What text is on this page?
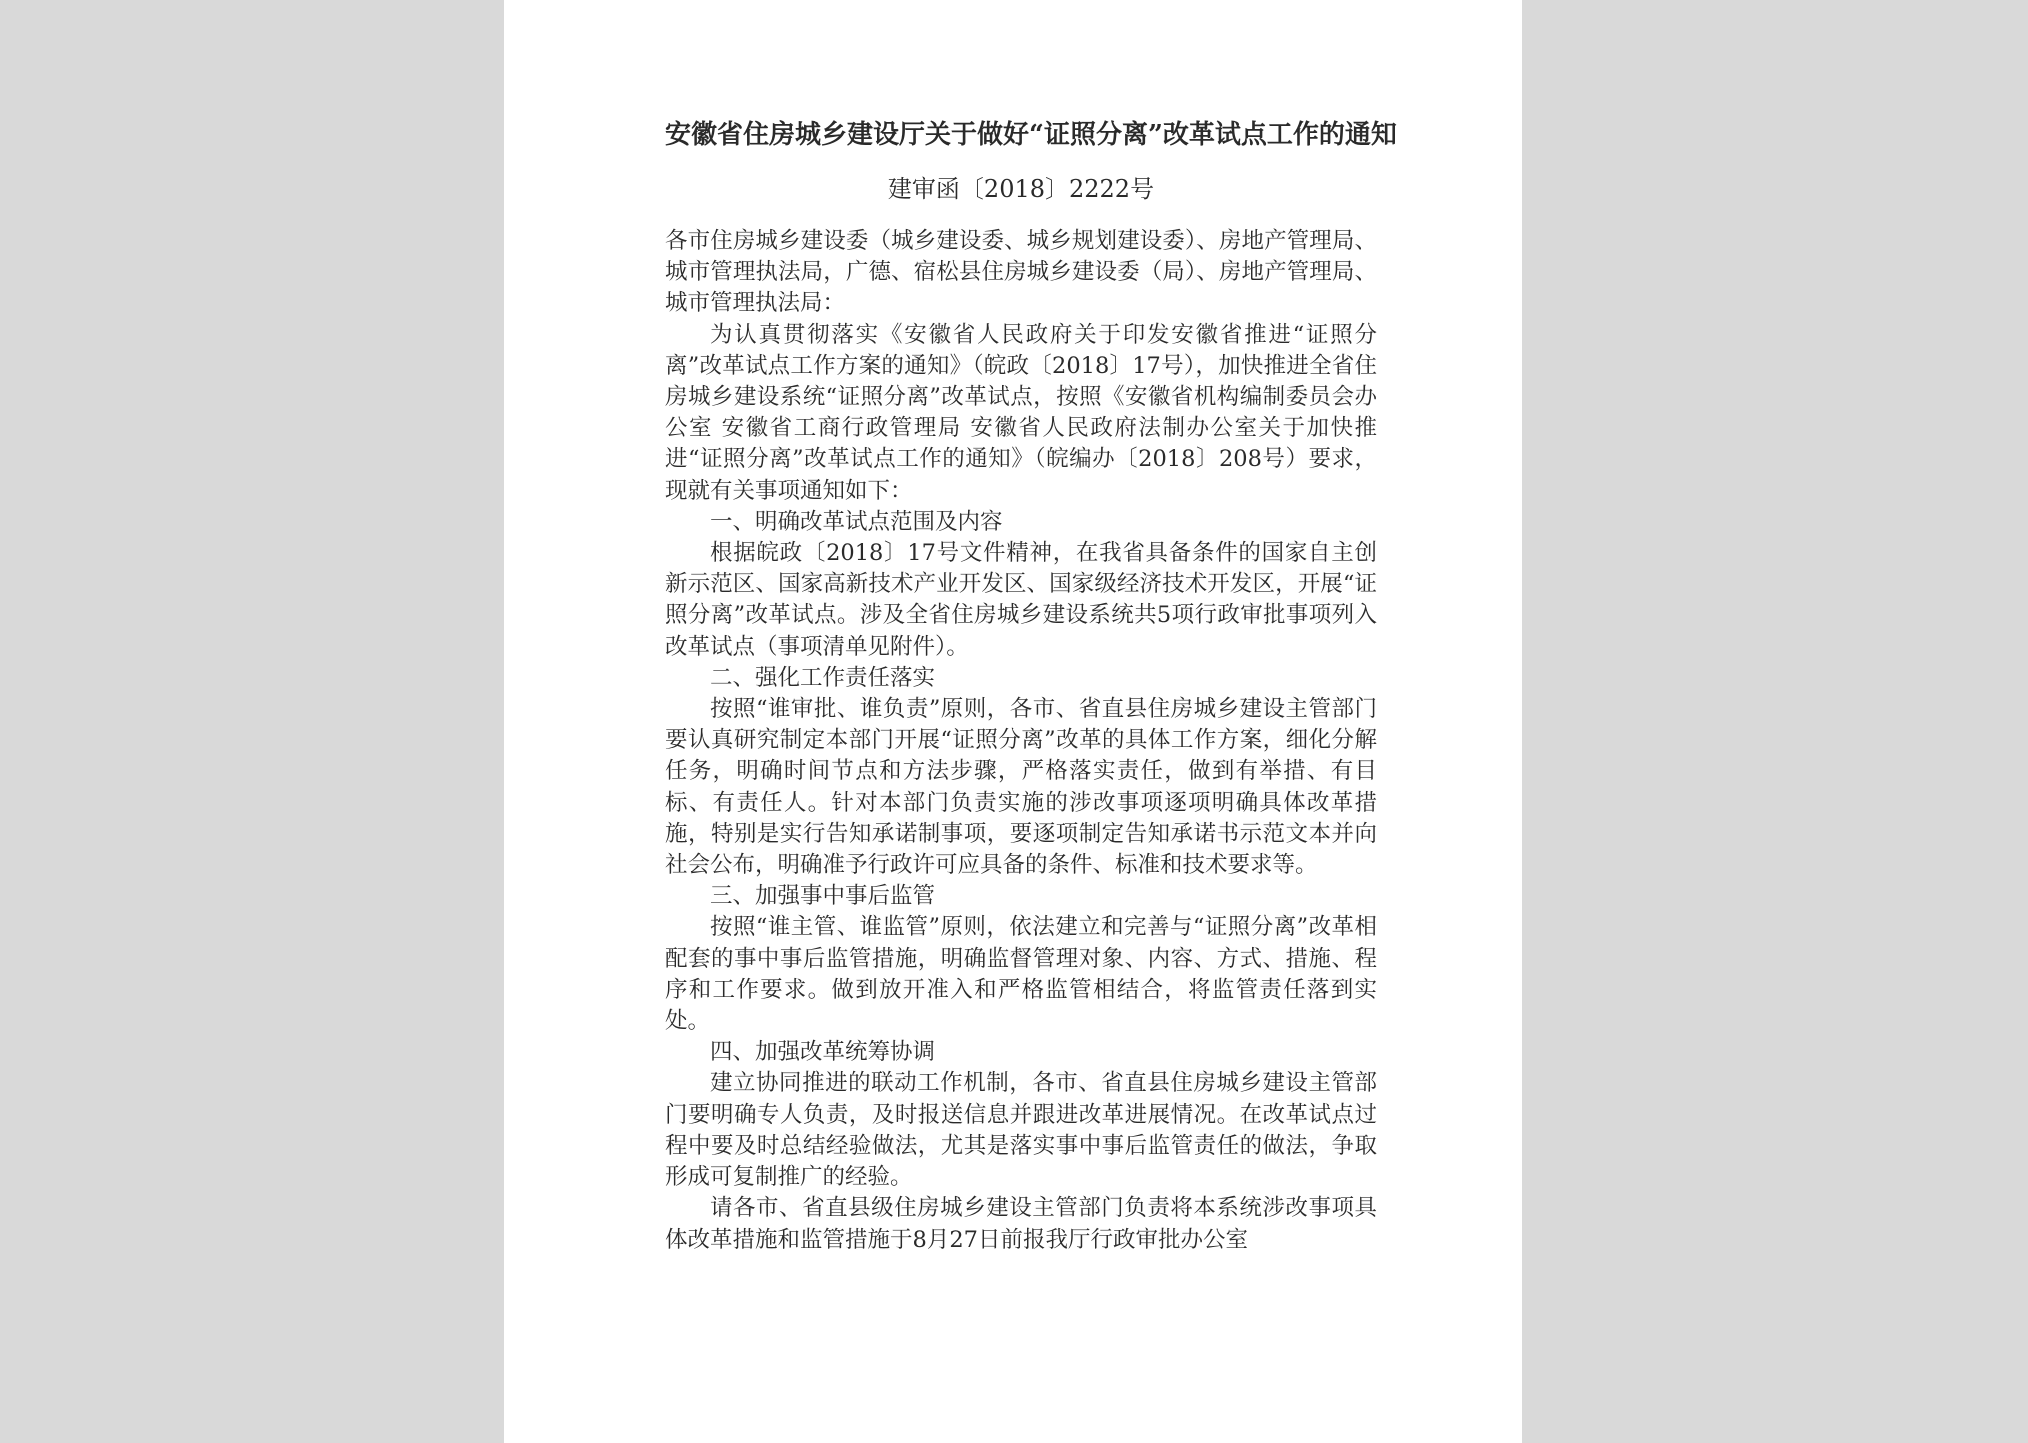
安徽省住房城乡建设厅关于做好“证照分离”改革试点工作的通知
建审函〔2018〕2222号

各市住房城乡建设委（城乡建设委、城乡规划建设委）、房地产管理局、城市管理执法局，广德、宿松县住房城乡建设委（局）、房地产管理局、城市管理执法局：

为认真贯彻落实《安徽省人民政府关于印发安徽省推进“证照分离”改革试点工作方案的通知》（皖政〔2018〕17号），加快推进全省住房城乡建设系统“证照分离”改革试点，按照《安徽省机构编制委员会办公室 安徽省工商行政管理局 安徽省人民政府法制办公室关于加快推进“证照分离”改革试点工作的通知》（皖编办〔2018〕208号）要求，现就有关事项通知如下：

一、明确改革试点范围及内容

根据皖政〔2018〕17号文件精神，在我省具备条件的国家自主创新示范区、国家高新技术产业开发区、国家级经济技术开发区，开展“证照分离”改革试点。涉及全省住房城乡建设系统共5项行政审批事项列入改革试点（事项清单见附件）。

二、强化工作责任落实

按照“谁审批、谁负责”原则，各市、省直县住房城乡建设主管部门要认真研究制定本部门开展“证照分离”改革的具体工作方案，细化分解任务，明确时间节点和方法步骤，严格落实责任，做到有举措、有目标、有责任人。针对本部门负责实施的涉改事项逐项明确具体改革措施，特别是实行告知承诺制事项，要逐项制定告知承诺书示范文本并向社会公布，明确准予行政许可应具备的条件、标准和技术要求等。

三、加强事中事后监管

按照“谁主管、谁监管”原则，依法建立和完善与“证照分离”改革相配套的事中事后监管措施，明确监督管理对象、内容、方式、措施、程序和工作要求。做到放开准入和严格监管相结合，将监管责任落到实处。

四、加强改革统筹协调

建立协同推进的联动工作机制，各市、省直县住房城乡建设主管部门要明确专人负责，及时报送信息并跟进改革进展情况。在改革试点过程中要及时总结经验做法，尤其是落实事中事后监管责任的做法，争取形成可复制推广的经验。

请各市、省直县级住房城乡建设主管部门负责将本系统涉改事项具体改革措施和监管措施于8月27日前报我厅行政审批办公室
